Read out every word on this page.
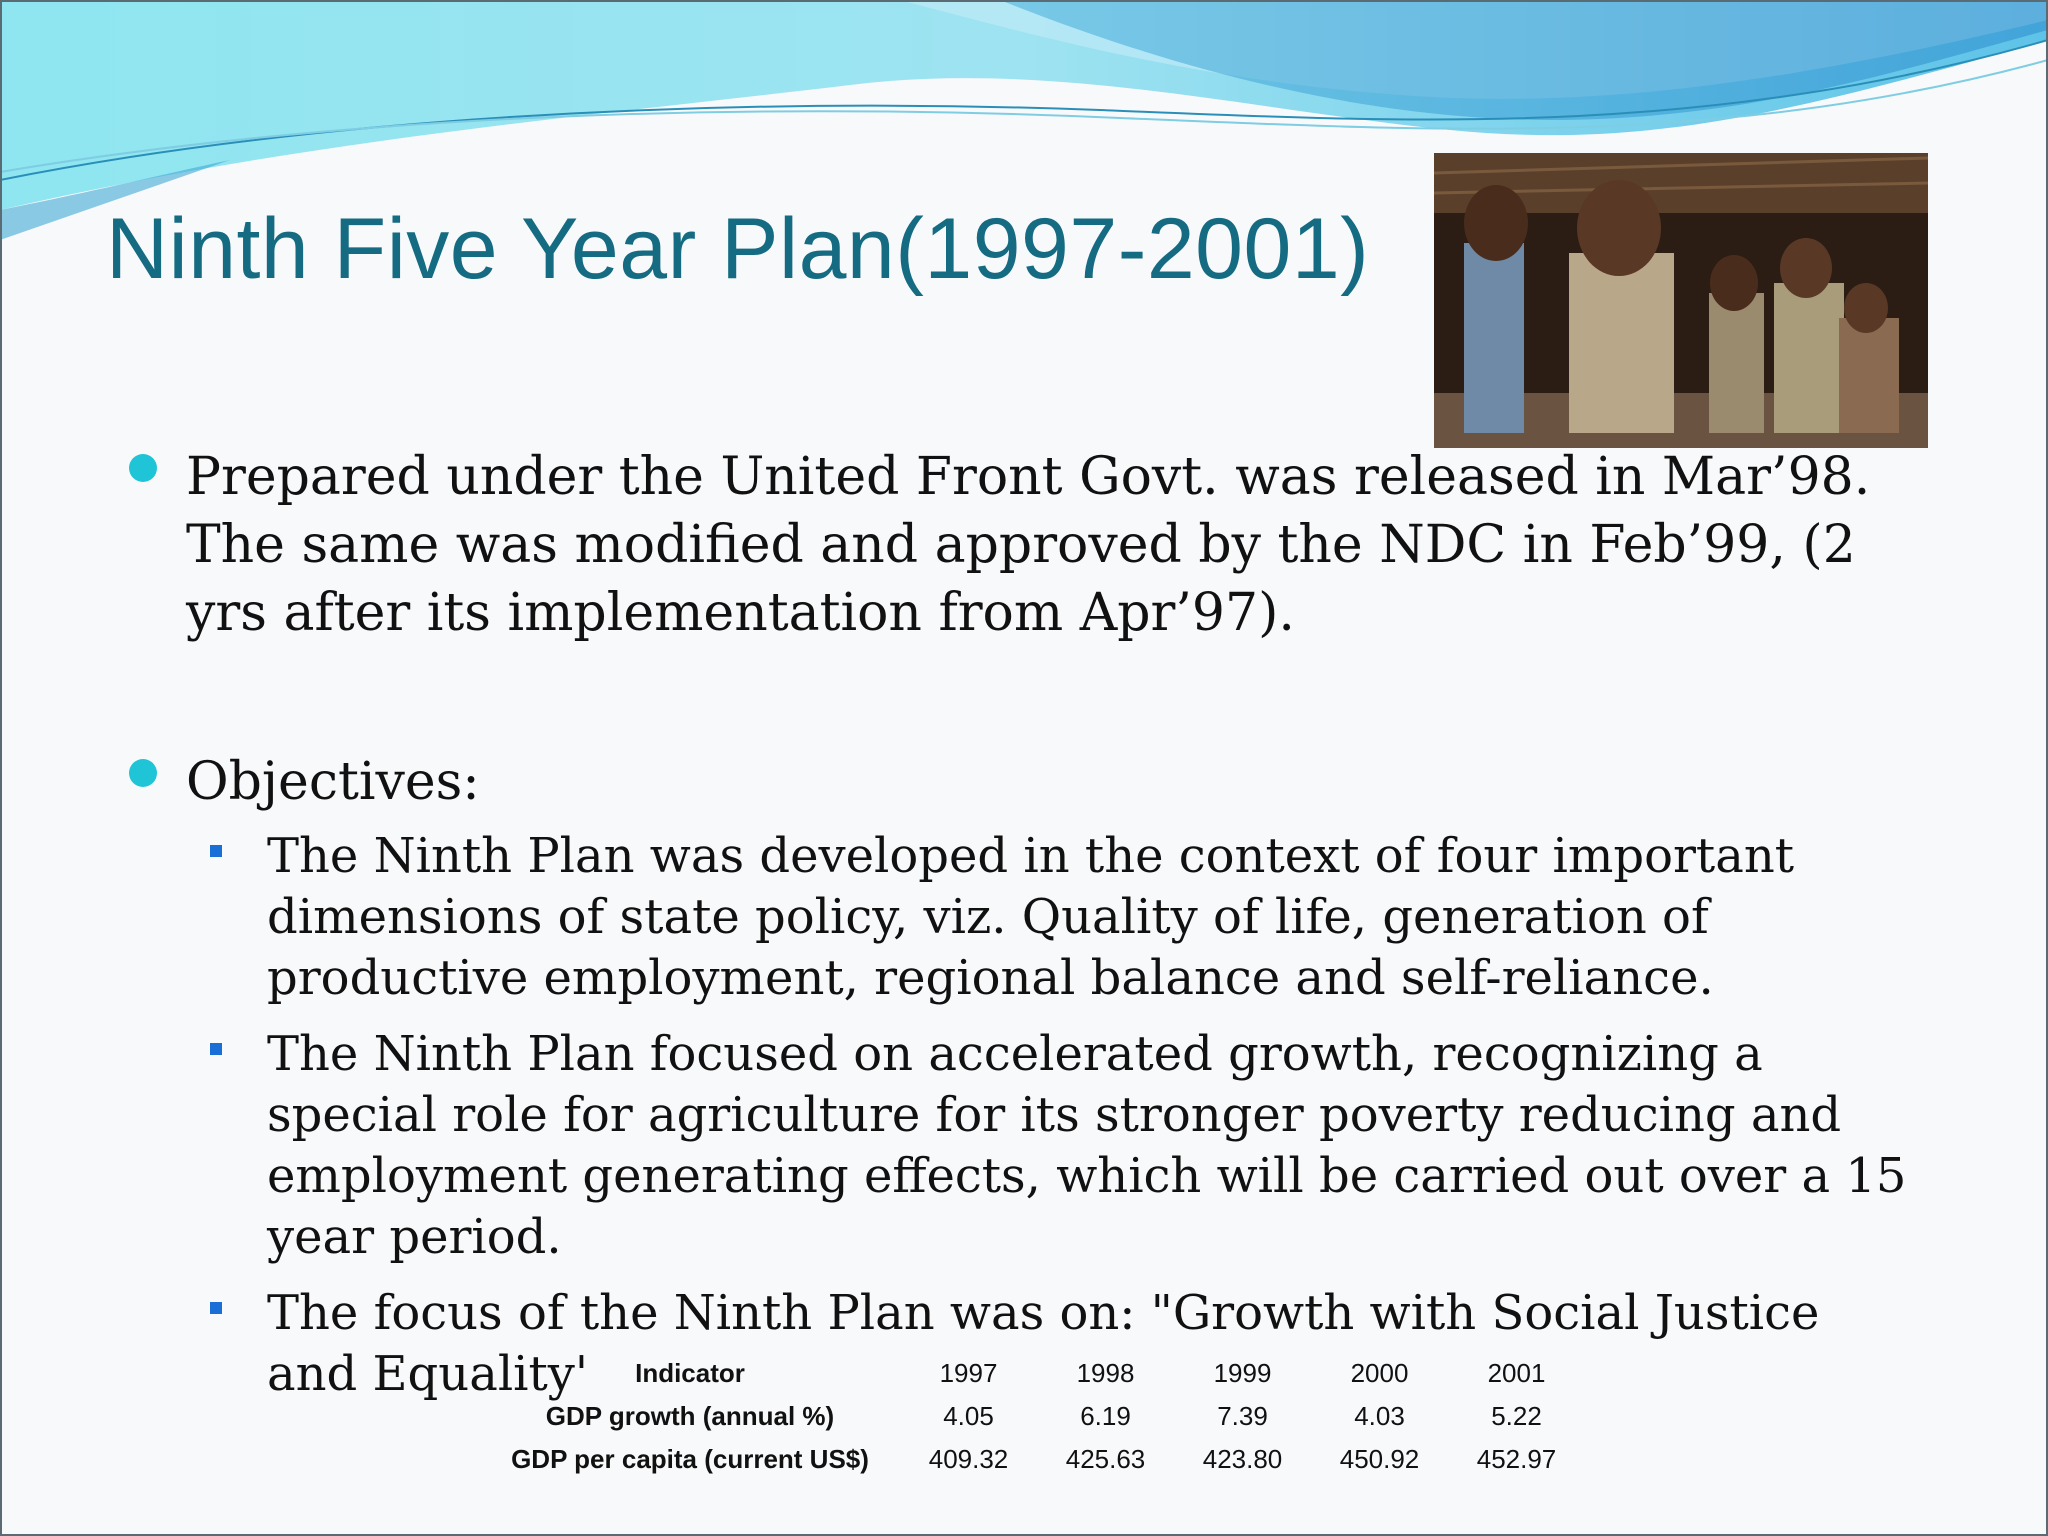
Ninth Five Year Plan(1997-2001)
Prepared under the United Front Govt. was released in Mar’98. The same was modified and approved by the NDC in Feb’99, (2 yrs after its implementation from Apr’97).
Objectives:
The Ninth Plan was developed in the context of four important dimensions of state policy, viz. Quality of life, generation of productive employment, regional balance and self-reliance.
The Ninth Plan focused on accelerated growth, recognizing a special role for agriculture for its stronger poverty reducing and employment generating effects, which will be carried out over a 15 year period.
The focus of the Ninth Plan was on: "Growth with Social Justice and Equality'	Indicator	1997	1998	1999	2000	2001
GDP growth (annual %)	4.05	6.19	7.39	4.03	5.22
GDP per capita (current US$)	409.32	425.63	423.80	450.92	452.97
